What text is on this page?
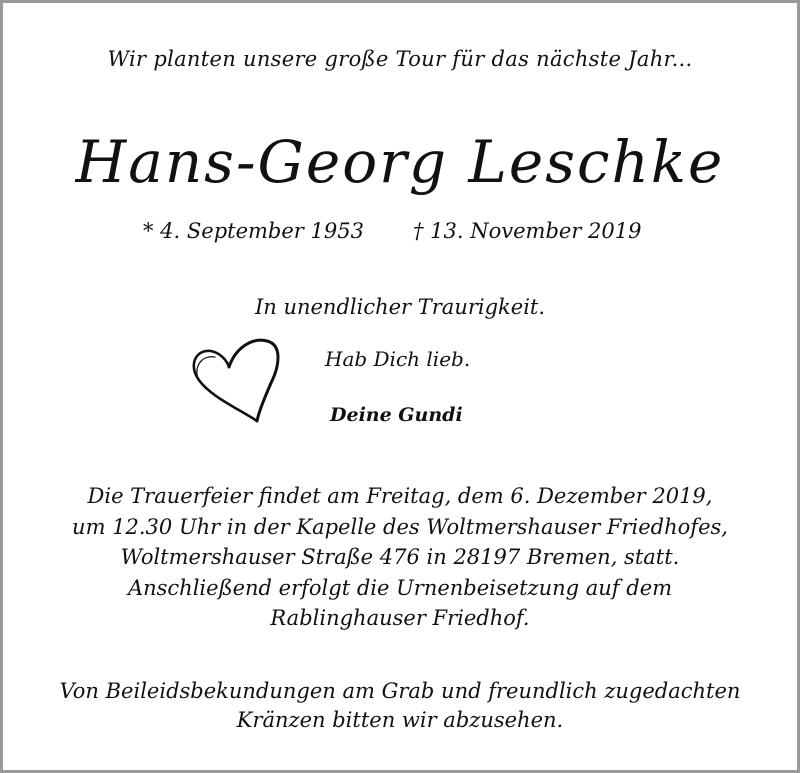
Wir planten unsere große Tour für das nächste Jahr...
Hans-Georg Leschke
* 4. September 1953 † 13. November 2019
In unendlicher Traurigkeit.
Hab Dich lieb.
Deine Gundi
Die Trauerfeier findet am Freitag, dem 6. Dezember 2019,
um 12.30 Uhr in der Kapelle des Woltmershauser Friedhofes,
Woltmershauser Straße 476 in 28197 Bremen, statt.
Anschließend erfolgt die Urnenbeisetzung auf dem
Rablinghauser Friedhof.
Von Beileidsbekundungen am Grab und freundlich zugedachten
Kränzen bitten wir abzusehen.
